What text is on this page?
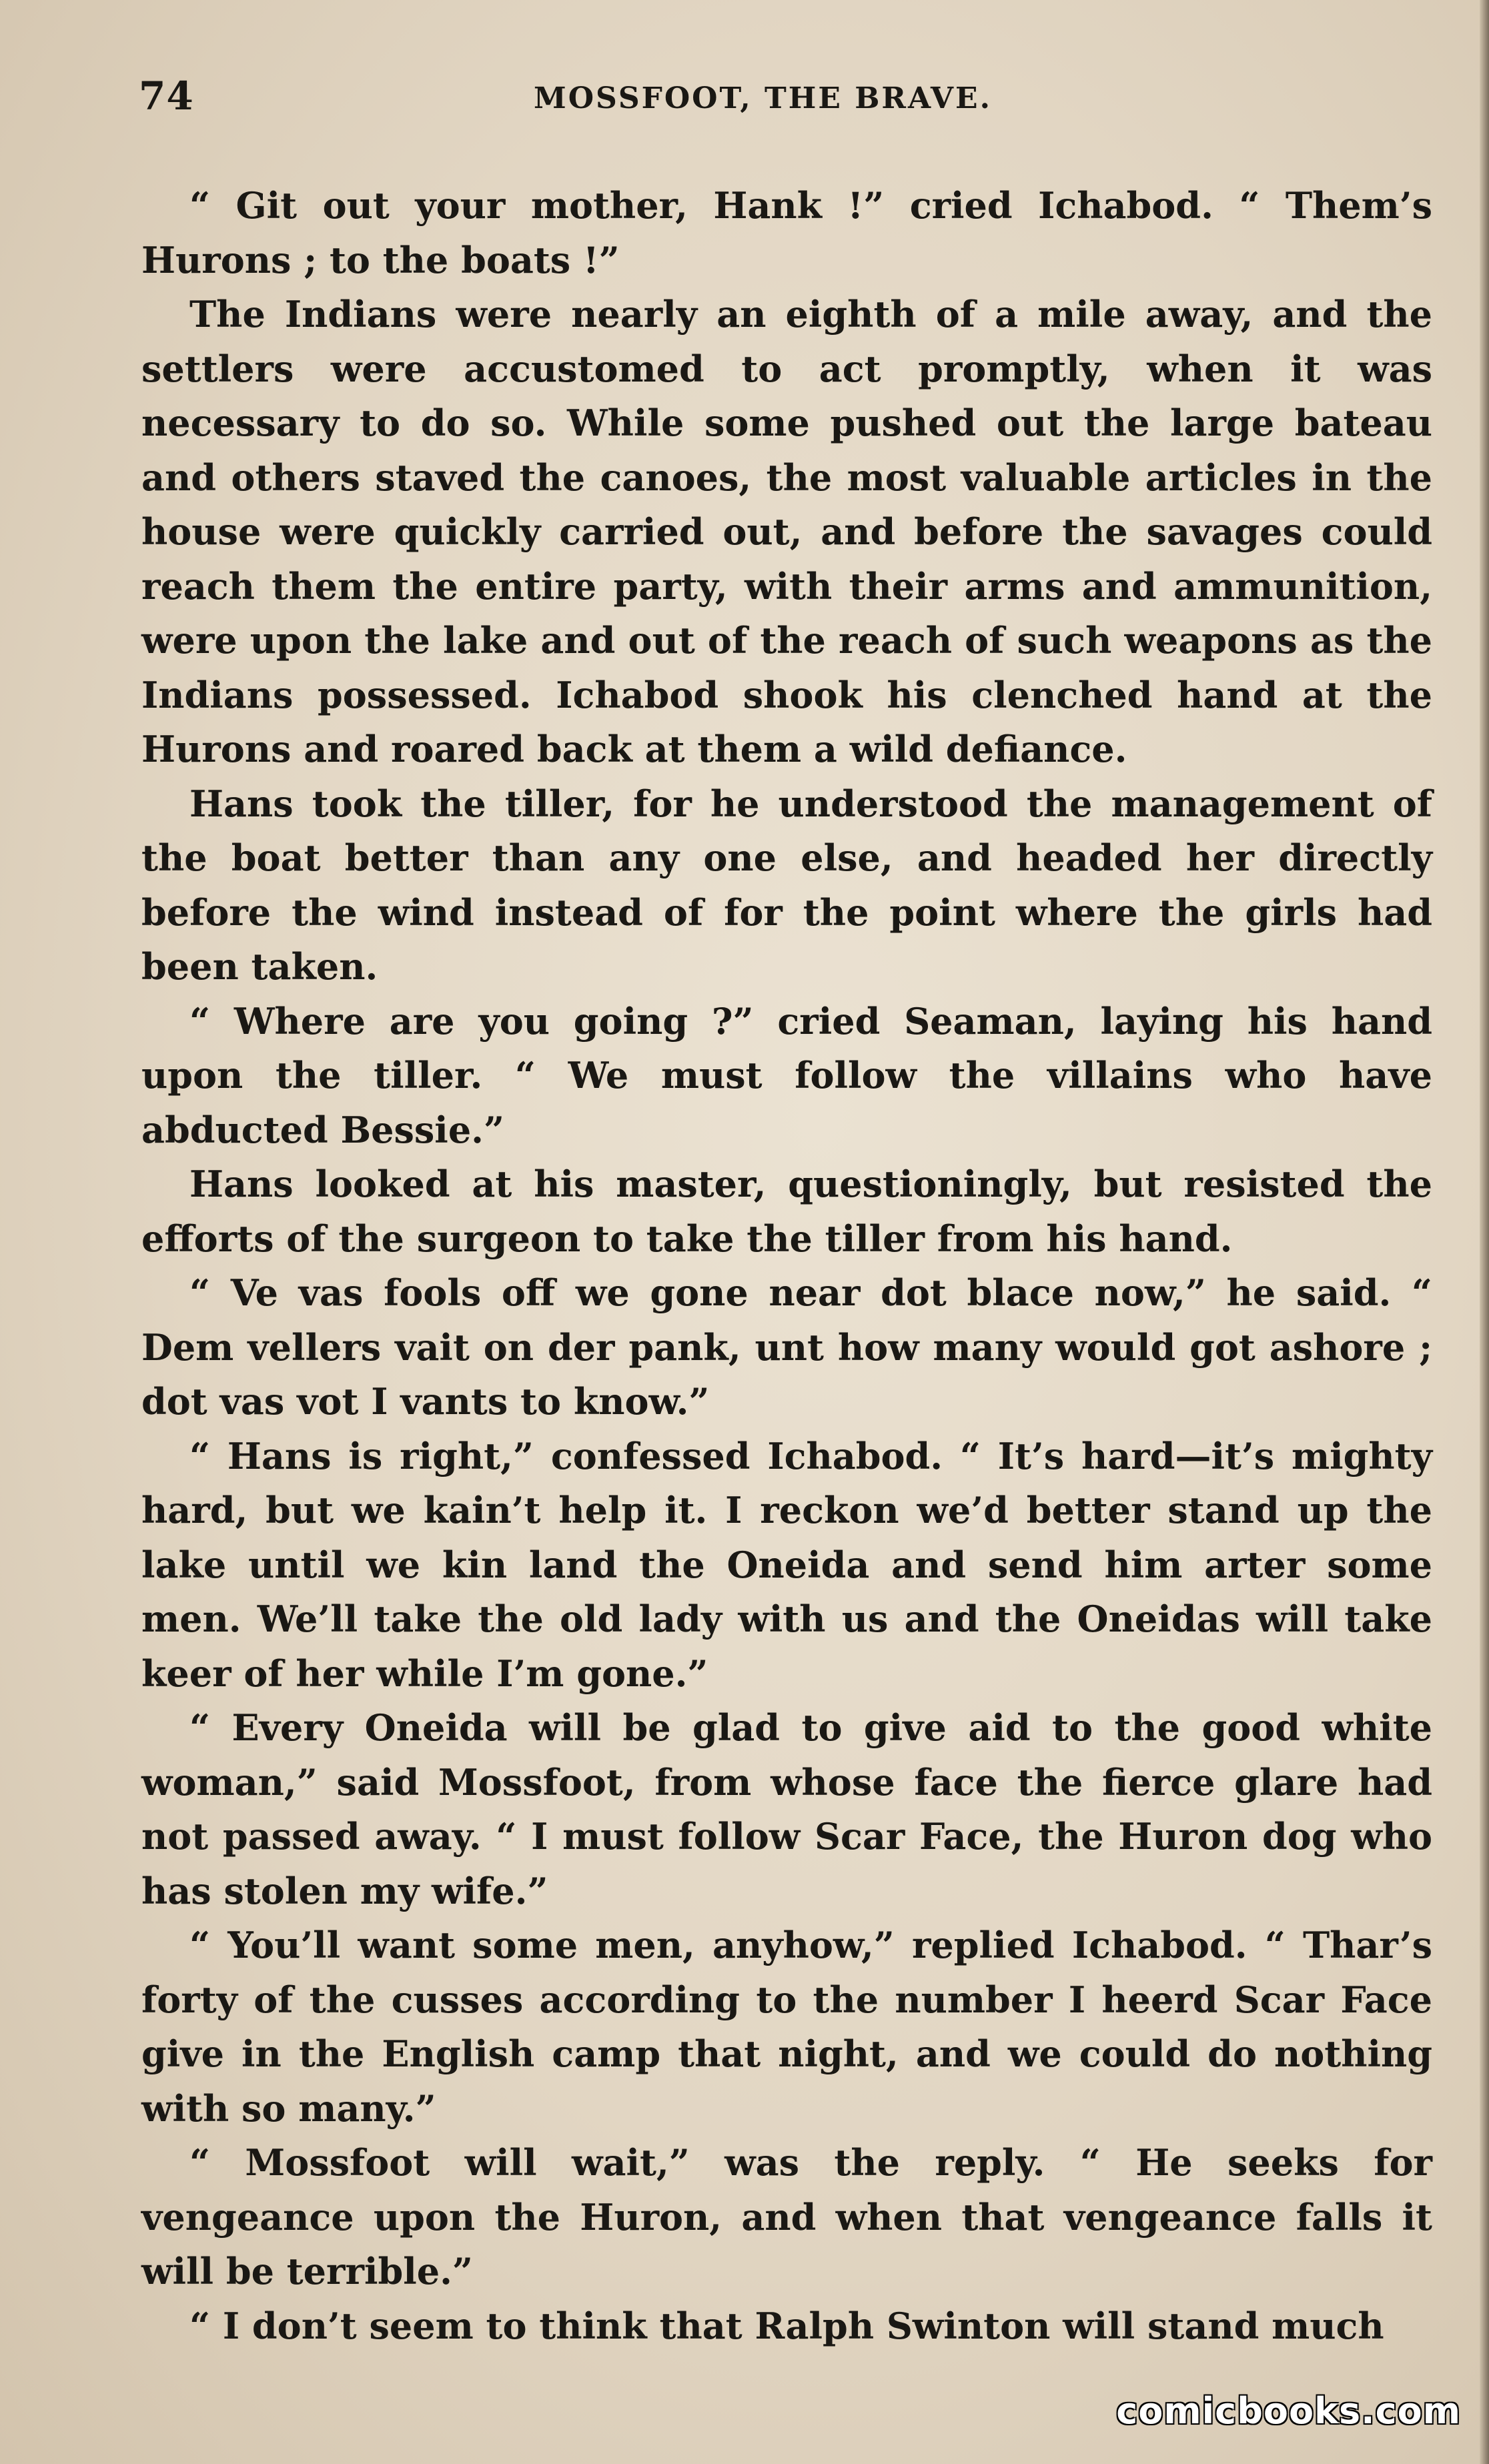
74	MOSSFOOT, THE BRAVE.

“ Git out your mother, Hank !” cried Ichabod. “ Them’s Hurons ; to the boats !”

The Indians were nearly an eighth of a mile away, and the settlers were accustomed to act promptly, when it was necessary to do so. While some pushed out the large bateau and others staved the canoes, the most valuable articles in the house were quickly carried out, and before the savages could reach them the entire party, with their arms and ammunition, were upon the lake and out of the reach of such weapons as the Indians possessed. Ichabod shook his clenched hand at the Hurons and roared back at them a wild defiance.

Hans took the tiller, for he understood the management of the boat better than any one else, and headed her directly before the wind instead of for the point where the girls had been taken.

“ Where are you going ?” cried Seaman, laying his hand upon the tiller. “ We must follow the villains who have abducted Bessie.”

Hans looked at his master, questioningly, but resisted the efforts of the surgeon to take the tiller from his hand.

“ Ve vas fools off we gone near dot blace now,” he said. “ Dem vellers vait on der pank, unt how many would got ashore ; dot vas vot I vants to know.”

“ Hans is right,” confessed Ichabod. “ It’s hard—it’s mighty hard, but we kain’t help it. I reckon we’d better stand up the lake until we kin land the Oneida and send him arter some men. We’ll take the old lady with us and the Oneidas will take keer of her while I’m gone.”

“ Every Oneida will be glad to give aid to the good white woman,” said Mossfoot, from whose face the fierce glare had not passed away. “ I must follow Scar Face, the Huron dog who has stolen my wife.”

“ You’ll want some men, anyhow,” replied Ichabod. “ Thar’s forty of the cusses according to the number I heerd Scar Face give in the English camp that night, and we could do nothing with so many.”

“ Mossfoot will wait,” was the reply. “ He seeks for vengeance upon the Huron, and when that vengeance falls it will be terrible.”

“ I don’t seem to think that Ralph Swinton will stand much

comicbooks.com
